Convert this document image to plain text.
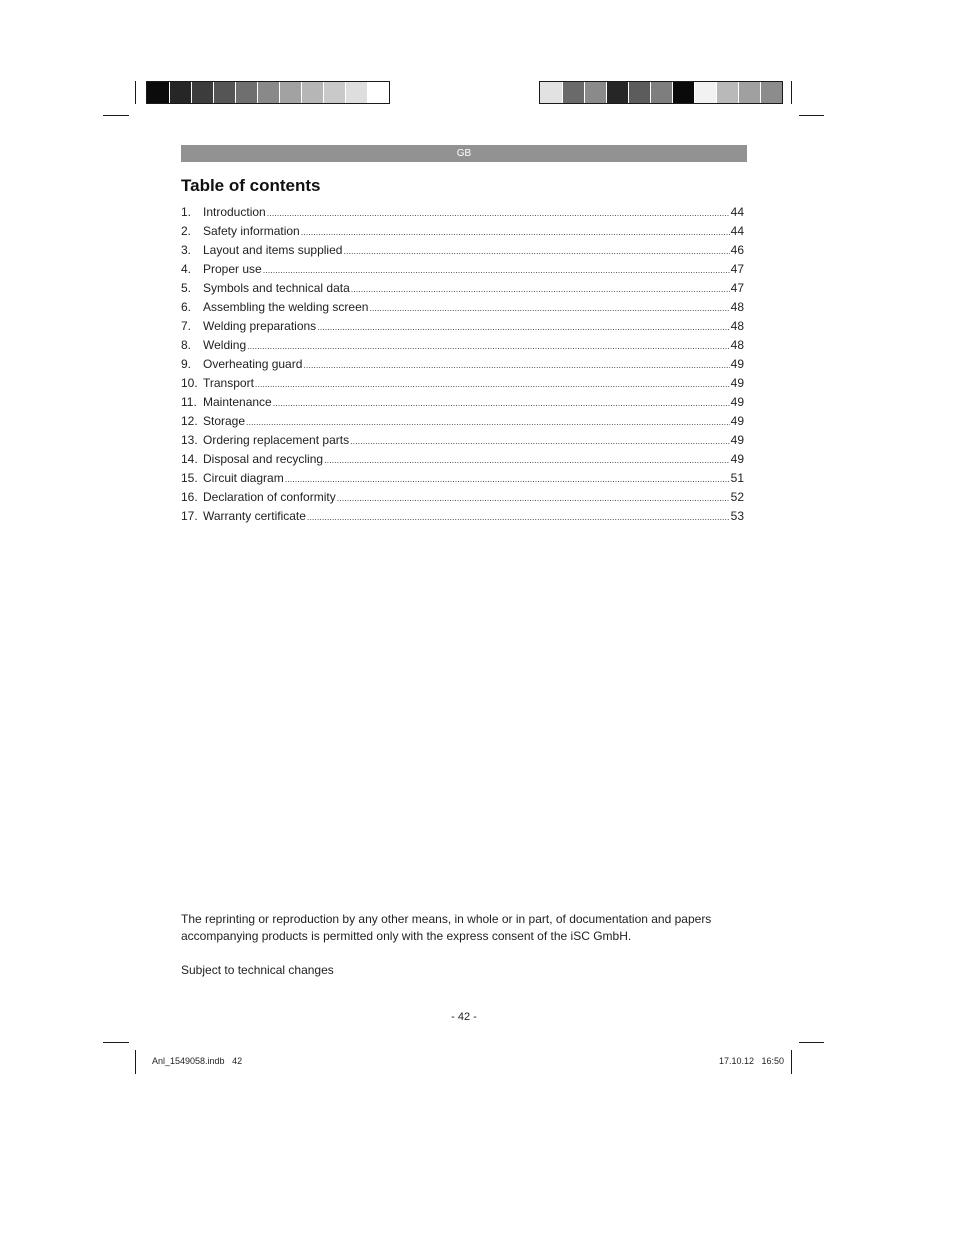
GB
Table of contents
1. Introduction .....	44
2. Safety information .....	44
3. Layout and items supplied .....	46
4. Proper use .....	47
5. Symbols and technical data .....	47
6. Assembling the welding screen .....	48
7. Welding preparations .....	48
8. Welding .....	48
9. Overheating guard .....	49
10. Transport .....	49
11. Maintenance .....	49
12. Storage .....	49
13. Ordering replacement parts .....	49
14. Disposal and recycling .....	49
15. Circuit diagram .....	51
16. Declaration of conformity .....	52
17. Warranty certificate .....	53

The reprinting or reproduction by any other means, in whole or in part, of documentation and papers accompanying products is permitted only with the express consent of the iSC GmbH.

Subject to technical changes

- 42 -
Anl_1549058.indb   42	17.10.12   16:50
